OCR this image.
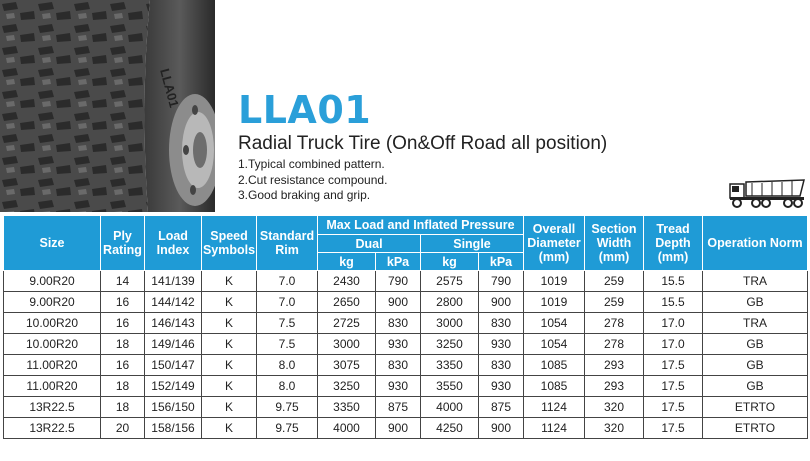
LLA01 LLA01
Radial Truck Tire (On&Off Road all position)
1.Typical combined pattern.
2.Cut resistance compound.
3.Good braking and grip.
Size	Ply Rating	Load Index	Speed Symbols	Standard Rim	Max Load and Inflated Pressure				Overall Diameter (mm)	Section Width (mm)	Tread Depth (mm)	Operation Norm
					Dual		Single					
					kg	kPa	kg	kPa				
9.00R20	14	141/139	K	7.0	2430	790	2575	790	1019	259	15.5	TRA
9.00R20	16	144/142	K	7.0	2650	900	2800	900	1019	259	15.5	GB
10.00R20	16	146/143	K	7.5	2725	830	3000	830	1054	278	17.0	TRA
10.00R20	18	149/146	K	7.5	3000	930	3250	930	1054	278	17.0	GB
11.00R20	16	150/147	K	8.0	3075	830	3350	830	1085	293	17.5	GB
11.00R20	18	152/149	K	8.0	3250	930	3550	930	1085	293	17.5	GB
13R22.5	18	156/150	K	9.75	3350	875	4000	875	1124	320	17.5	ETRTO
13R22.5	20	158/156	K	9.75	4000	900	4250	900	1124	320	17.5	ETRTO
